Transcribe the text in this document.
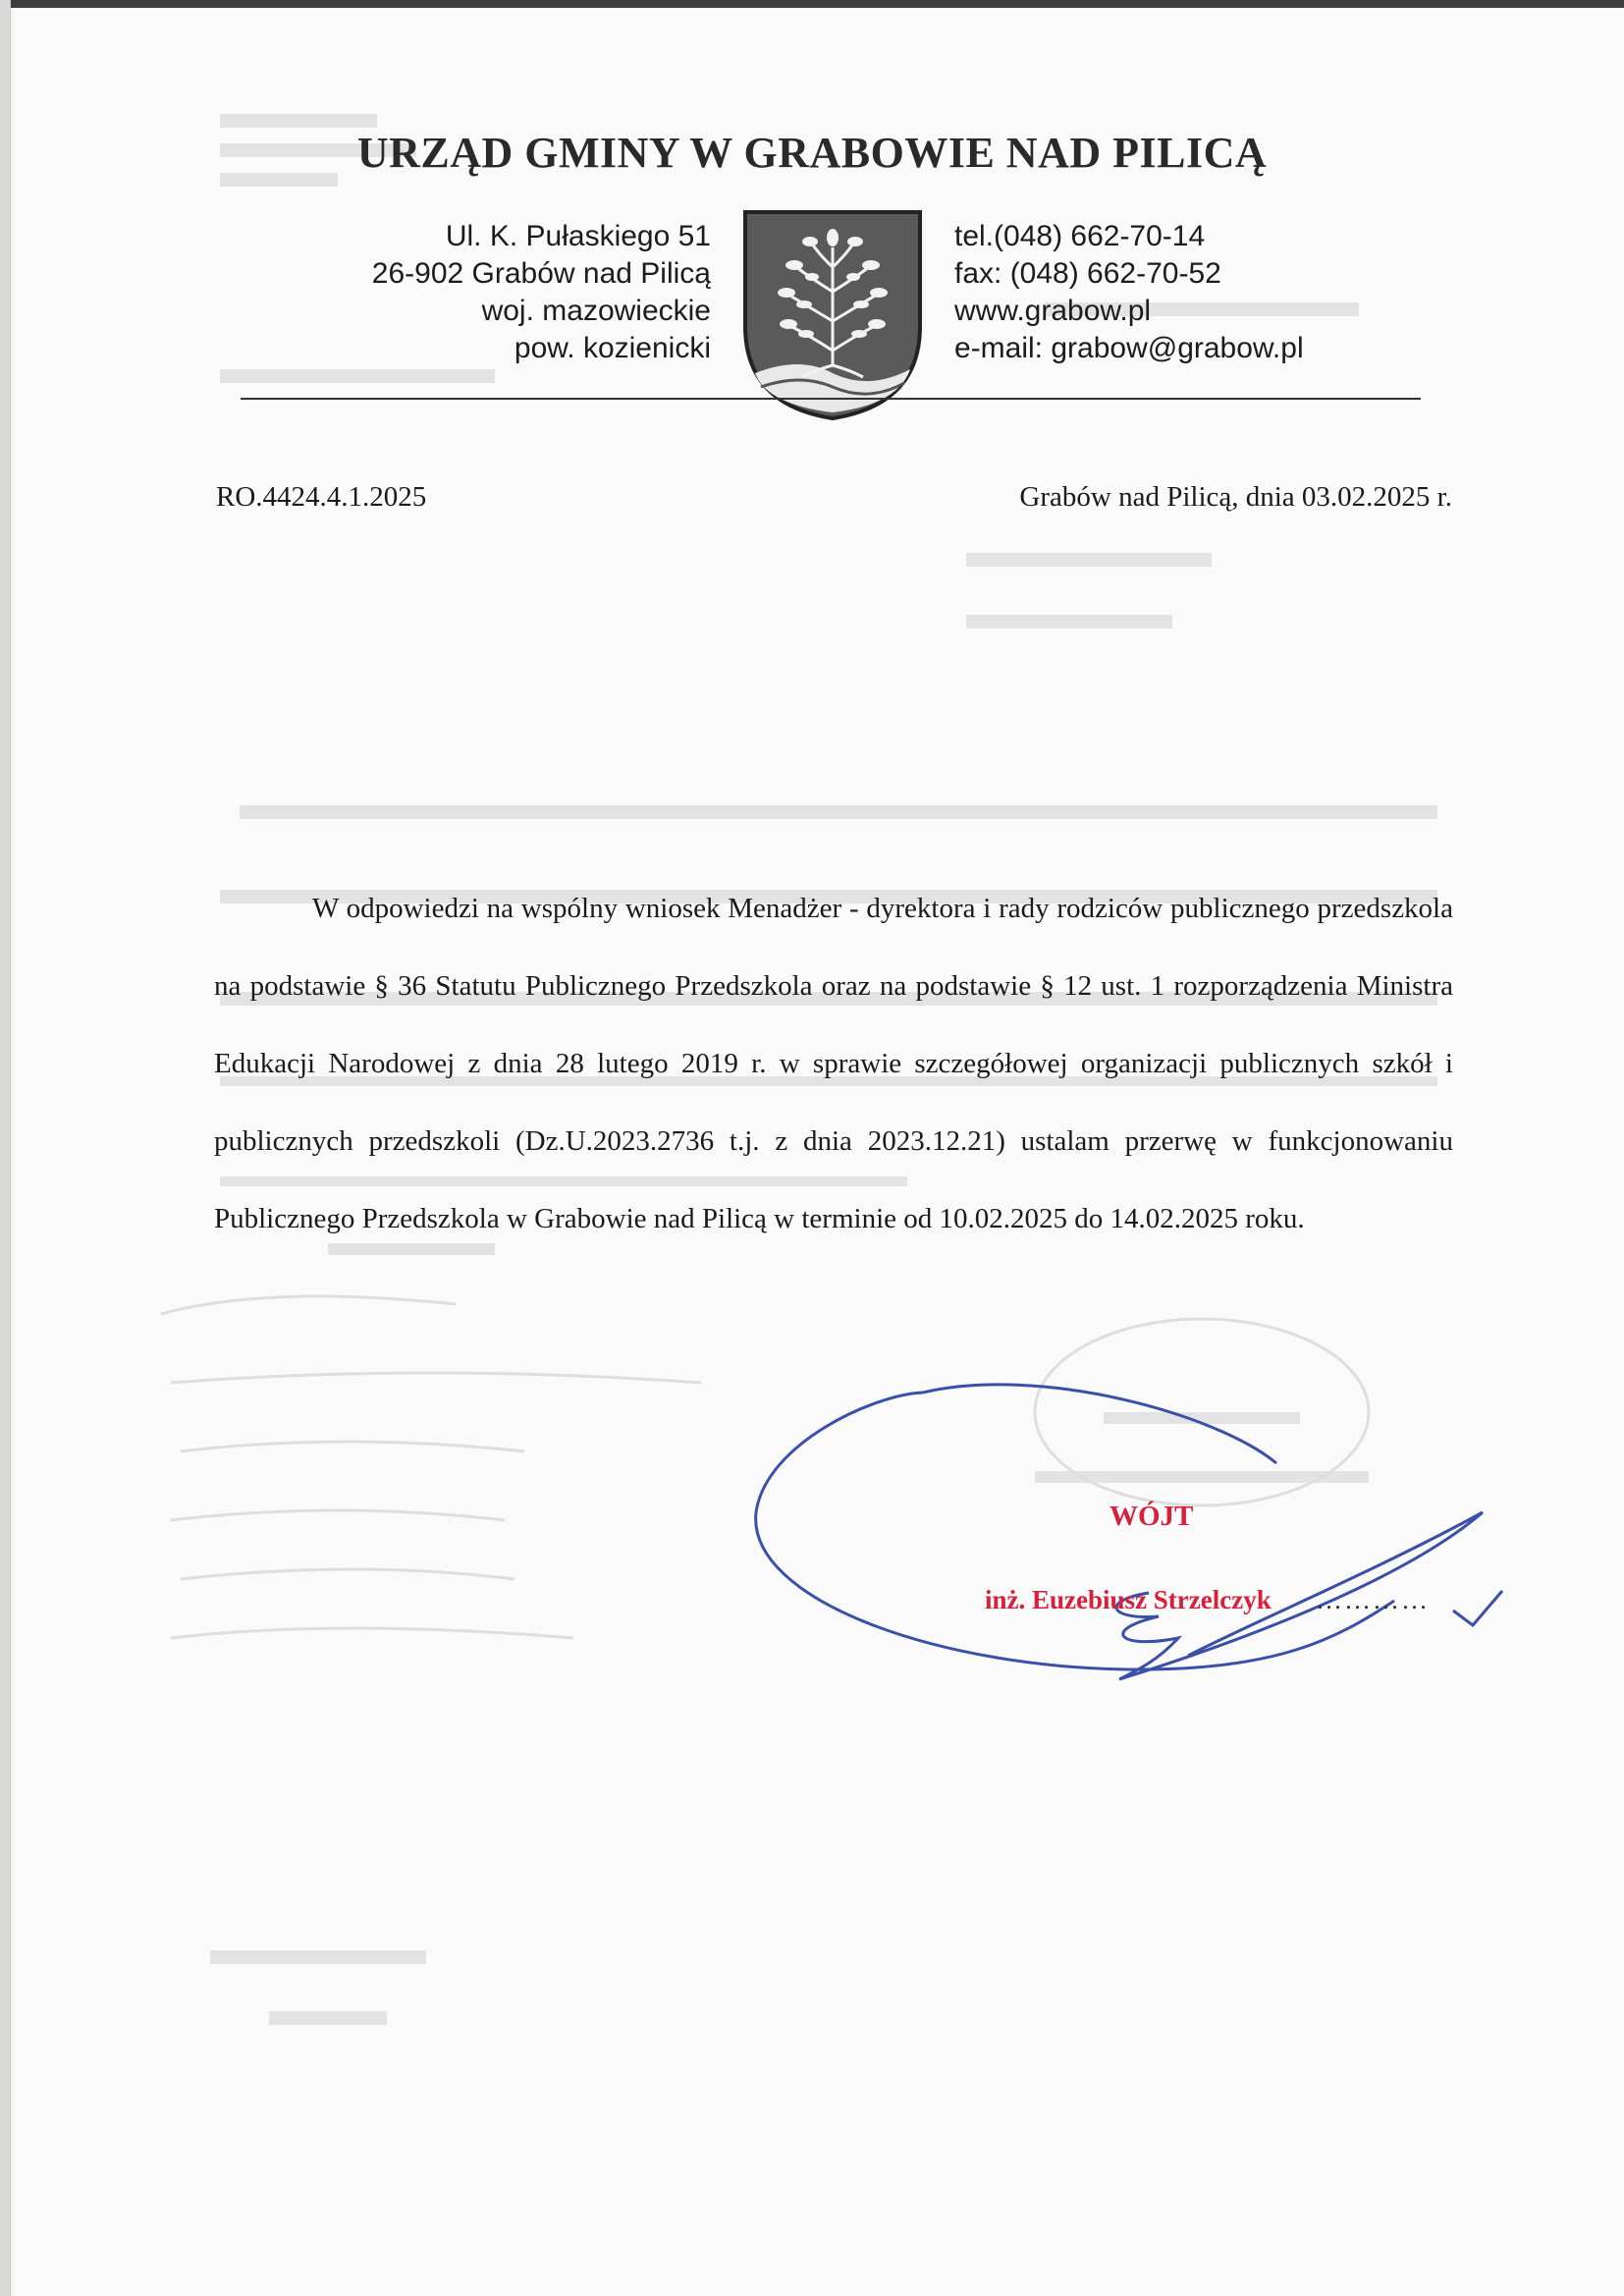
URZĄD GMINY W GRABOWIE NAD PILICĄ
Ul. K. Pułaskiego 51
26-902 Grabów nad Pilicą
woj. mazowieckie
pow. kozienicki
tel.(048) 662-70-14
fax: (048) 662-70-52
www.grabow.pl
e-mail: grabow@grabow.pl
RO.4424.4.1.2025	Grabów nad Pilicą, dnia 03.02.2025 r.

W odpowiedzi na wspólny wniosek Menadżer - dyrektora i rady rodziców publicznego przedszkola na podstawie § 36 Statutu Publicznego Przedszkola oraz na podstawie § 12 ust. 1 rozporządzenia Ministra Edukacji Narodowej z dnia 28 lutego 2019 r. w sprawie szczegółowej organizacji publicznych szkół i publicznych przedszkoli (Dz.U.2023.2736 t.j. z dnia 2023.12.21) ustalam przerwę w funkcjonowaniu Publicznego Przedszkola w Grabowie nad Pilicą w terminie od 10.02.2025 do 14.02.2025 roku.

WÓJT
inż. Euzebiusz Strzelczyk …………
